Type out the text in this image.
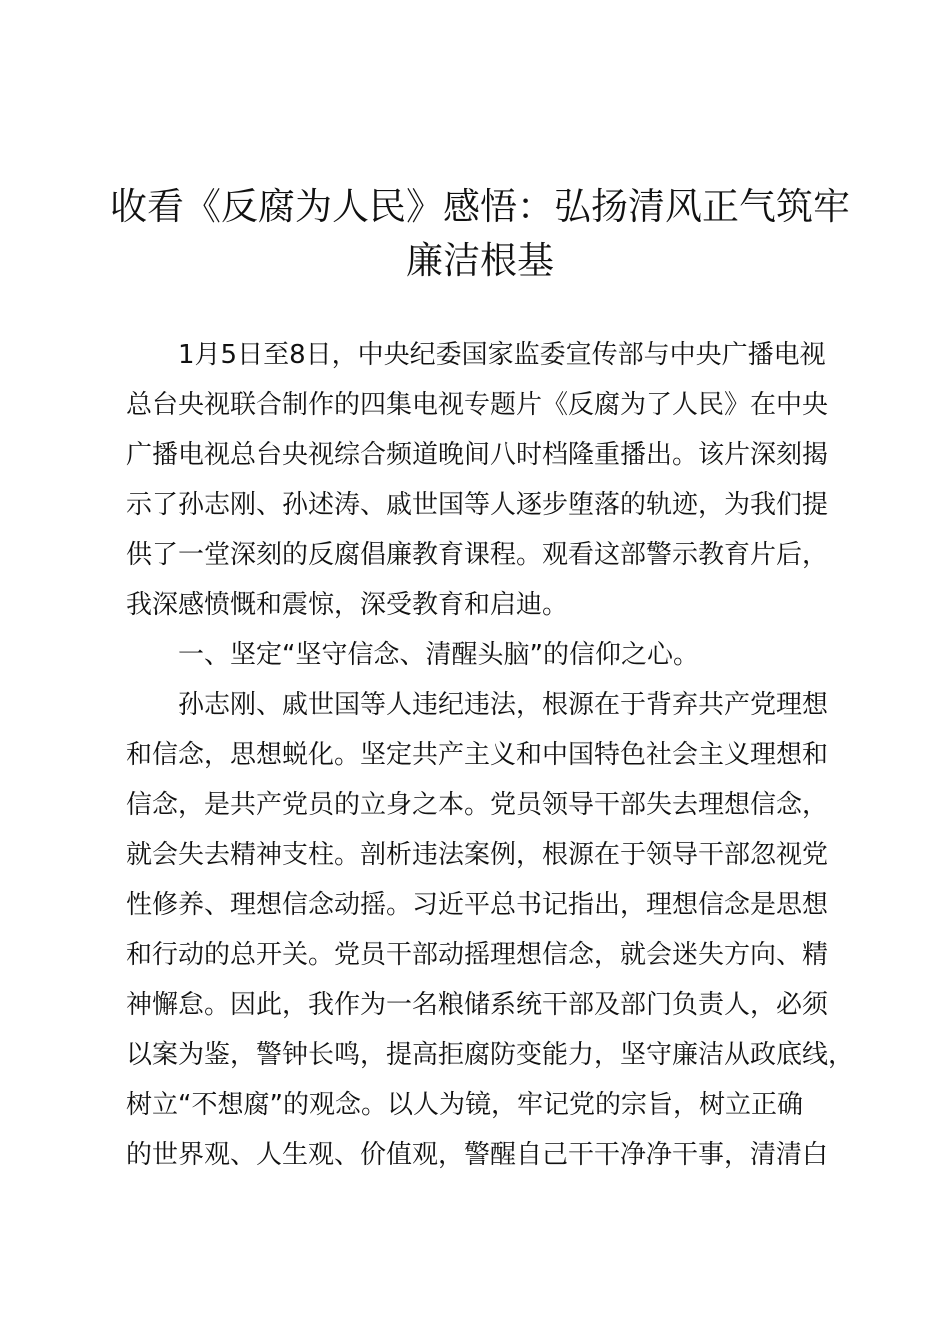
收看《反腐为人民》感悟：弘扬清风正气筑牢
廉洁根基
1月5日至8日，中央纪委国家监委宣传部与中央广播电视
总台央视联合制作的四集电视专题片《反腐为了人民》在中央
广播电视总台央视综合频道晚间八时档隆重播出。该片深刻揭
示了孙志刚、孙述涛、戚世国等人逐步堕落的轨迹，为我们提
供了一堂深刻的反腐倡廉教育课程。观看这部警示教育片后，
我深感愤慨和震惊，深受教育和启迪。
一、坚定“坚守信念、清醒头脑”的信仰之心。
孙志刚、戚世国等人违纪违法，根源在于背弃共产党理想
和信念，思想蜕化。坚定共产主义和中国特色社会主义理想和
信念，是共产党员的立身之本。党员领导干部失去理想信念，
就会失去精神支柱。剖析违法案例，根源在于领导干部忽视党
性修养、理想信念动摇。习近平总书记指出，理想信念是思想
和行动的总开关。党员干部动摇理想信念，就会迷失方向、精
神懈怠。因此，我作为一名粮储系统干部及部门负责人，必须
以案为鉴，警钟长鸣，提高拒腐防变能力，坚守廉洁从政底线，
树立“不想腐”的观念。以人为镜，牢记党的宗旨，树立正确
的世界观、人生观、价值观，警醒自己干干净净干事，清清白
